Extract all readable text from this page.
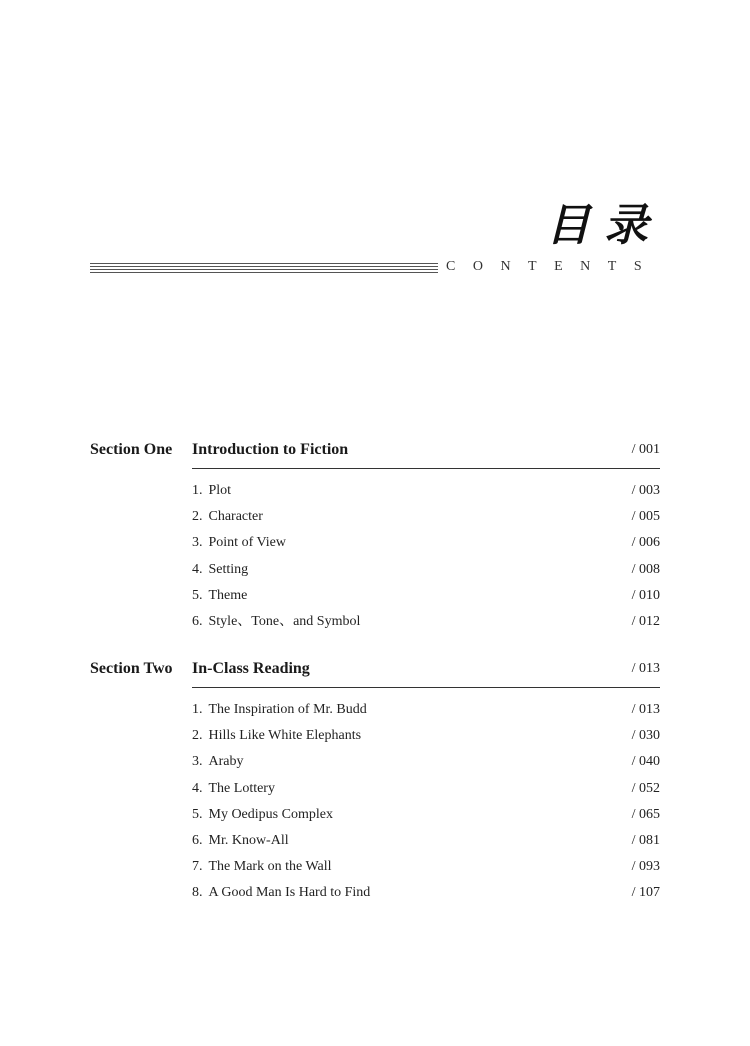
目录
CONTENTS
Section One Introduction to Fiction	/ 001
1. Plot	/ 003
2. Character	/ 005
3. Point of View	/ 006
4. Setting	/ 008
5. Theme	/ 010
6. Style、Tone、and Symbol	/ 012
Section Two In-Class Reading	/ 013
1. The Inspiration of Mr. Budd	/ 013
2. Hills Like White Elephants	/ 030
3. Araby	/ 040
4. The Lottery	/ 052
5. My Oedipus Complex	/ 065
6. Mr. Know-All	/ 081
7. The Mark on the Wall	/ 093
8. A Good Man Is Hard to Find	/ 107
